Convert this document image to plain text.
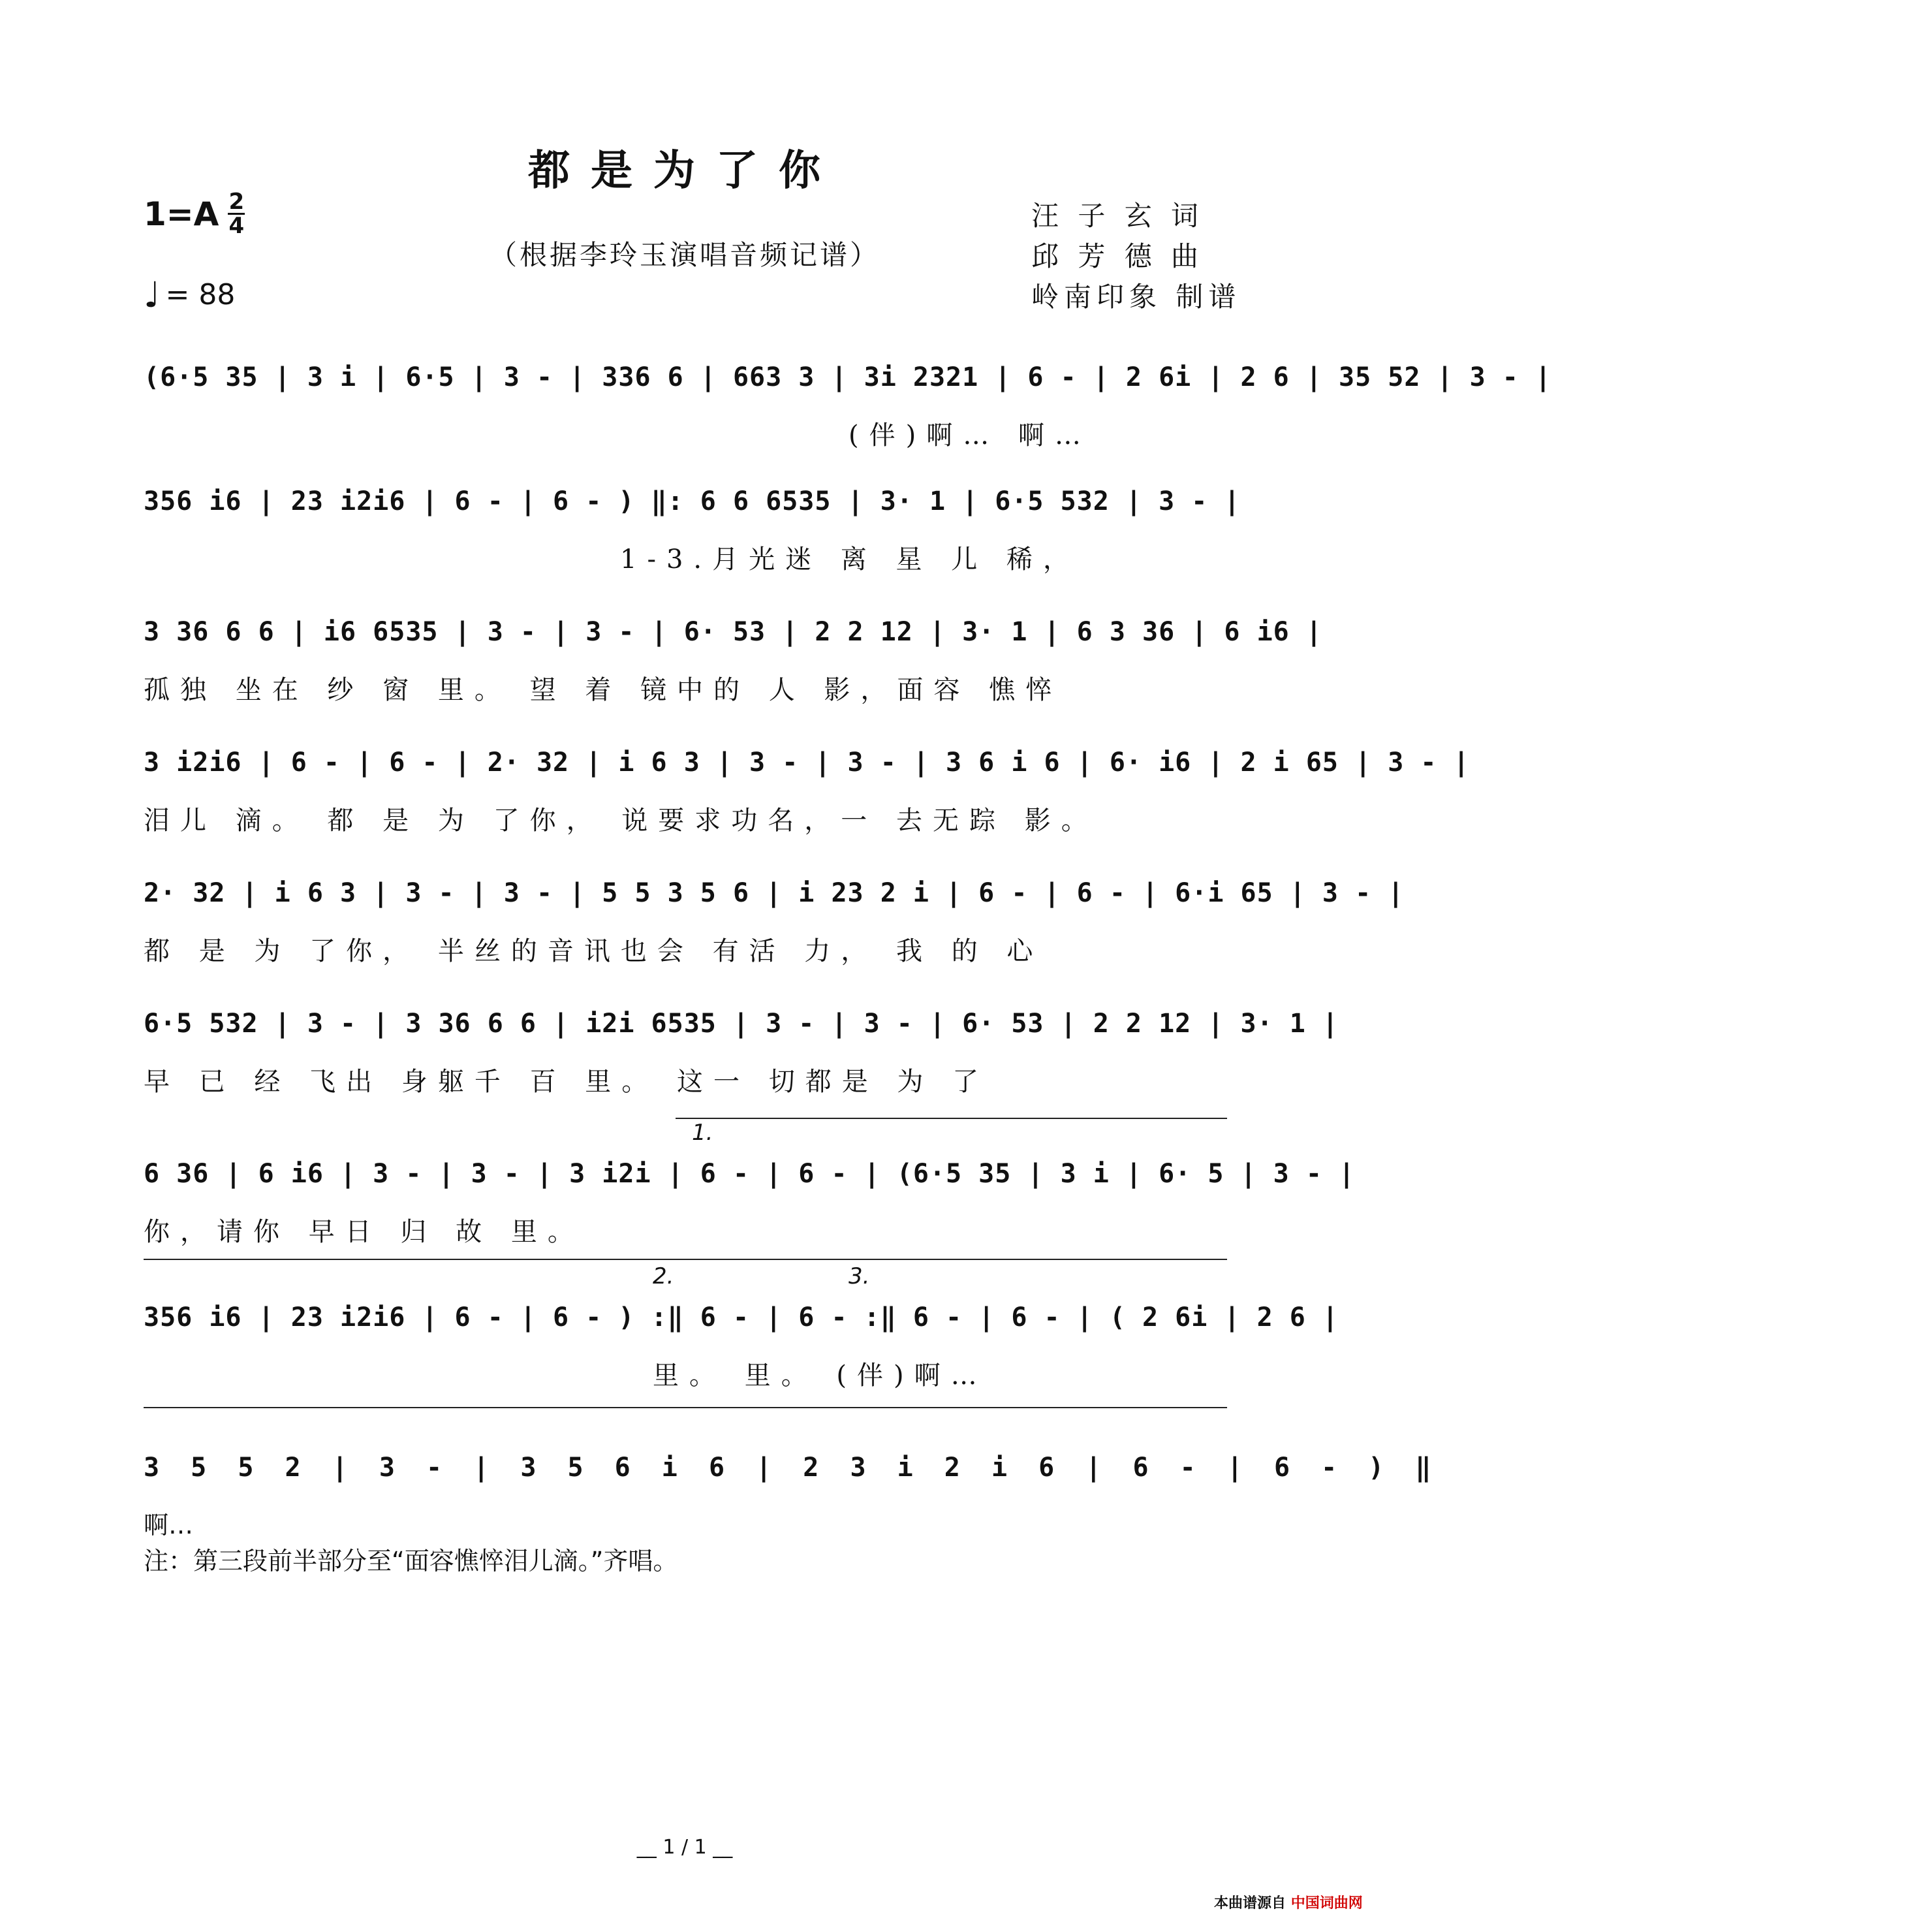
都是为了你
（根据李玲玉演唱音频记谱）
$1=A \frac{2}{4}$
♩ = 88
汪 子 玄 词
邱 芳 德 曲
岭南印象 制谱
(6·5 35 | 3 i | 6·5 | 3 - | 336 6 | 663 3 | 3i 2321 | 6 - | 2 6i | 2 6 | 35 52 | 3 - |
(伴)啊… 啊…
356 i6 | 23 i2i6 | 6 - | 6 - ) ‖: 6 6 6535 | 3· 1 | 6·5 532 | 3 - |
1-3.月光迷 离 星 儿 稀，
3 36 6 6 | i6 6535 | 3 - | 3 - | 6· 53 | 2 2 12 | 3· 1 | 6 3 36 | 6 i6 |
孤独 坐在 纱 窗 里。 望 着 镜中的 人 影，面容 憔悴
3 i2i6 | 6 - | 6 - | 2· 32 | i 6 3 | 3 - | 3 - | 3 6 i 6 | 6· i6 | 2 i 65 | 3 - |
泪儿 滴。 都 是 为 了你， 说要求功名，一 去无踪 影。
2· 32 | i 6 3 | 3 - | 3 - | 5 5 3 5 6 | i 23 2 i | 6 - | 6 - | 6·i 65 | 3 - |
都 是 为 了你， 半丝的音讯也会 有活 力， 我 的 心
6·5 532 | 3 - | 3 36 6 6 | i2i 6535 | 3 - | 3 - | 6· 53 | 2 2 12 | 3· 1 |
早 已 经 飞出 身躯千 百 里。 这一 切都是 为 了
1.
6 36 | 6 i6 | 3 - | 3 - | 3 i2i | 6 - | 6 - | (6·5 35 | 3 i | 6· 5 | 3 - |
你，请你 早日 归 故 里。
2.	3.
356 i6 | 23 i2i6 | 6 - | 6 - ) :‖ 6 - | 6 - :‖ 6 - | 6 - | ( 2 6i | 2 6 |
里。 里。 (伴)啊…
3 5 5 2 | 3 - | 3 5 6 i 6 | 2 3 i 2 i 6 | 6 - | 6 - ) ‖
啊…
注：第三段前半部分至“面容憔悴泪儿滴。”齐唱。
__ 1 / 1 __
本曲谱源自 中国词曲网
